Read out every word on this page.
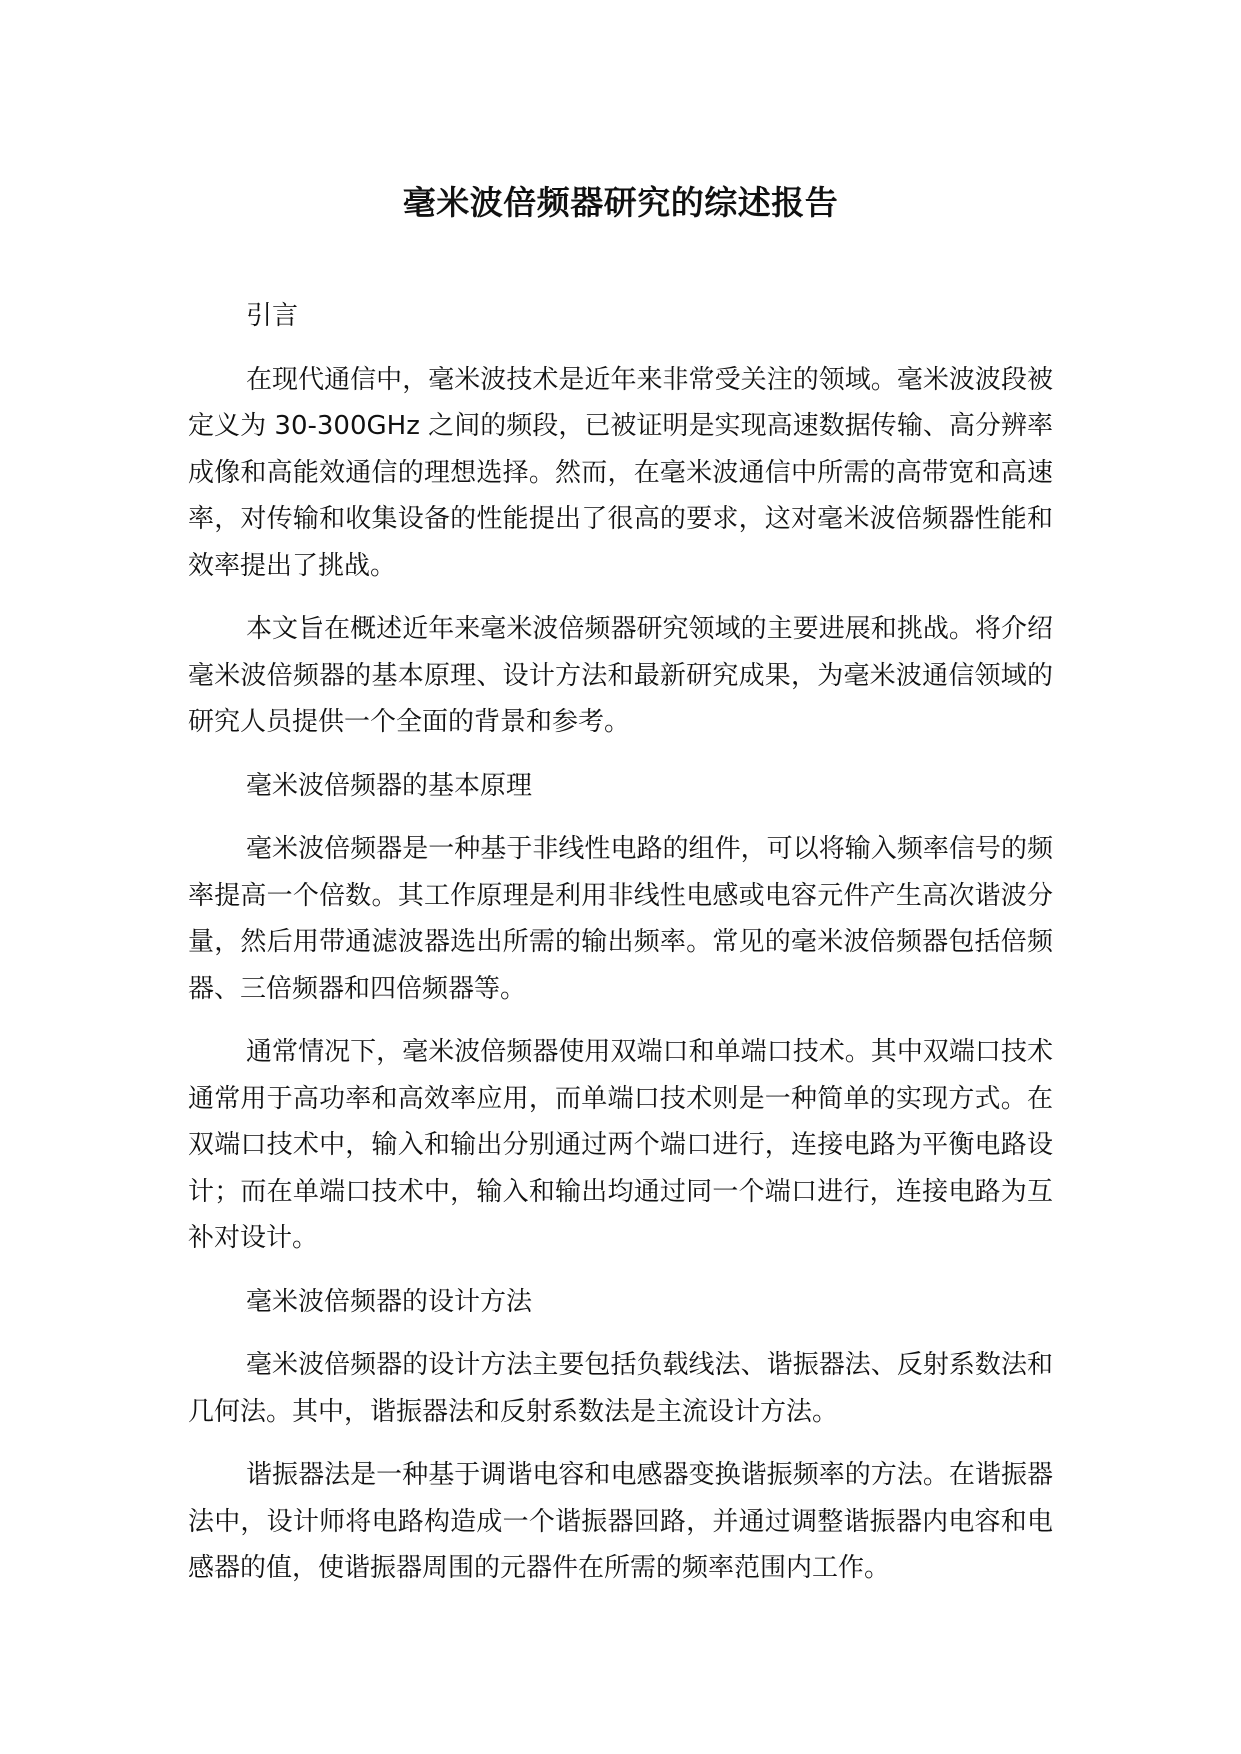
毫米波倍频器研究的综述报告

引言

在现代通信中，毫米波技术是近年来非常受关注的领域。毫米波波段被定义为 30-300GHz 之间的频段，已被证明是实现高速数据传输、高分辨率成像和高能效通信的理想选择。然而，在毫米波通信中所需的高带宽和高速率，对传输和收集设备的性能提出了很高的要求，这对毫米波倍频器性能和效率提出了挑战。

本文旨在概述近年来毫米波倍频器研究领域的主要进展和挑战。将介绍毫米波倍频器的基本原理、设计方法和最新研究成果，为毫米波通信领域的研究人员提供一个全面的背景和参考。

毫米波倍频器的基本原理

毫米波倍频器是一种基于非线性电路的组件，可以将输入频率信号的频率提高一个倍数。其工作原理是利用非线性电感或电容元件产生高次谐波分量，然后用带通滤波器选出所需的输出频率。常见的毫米波倍频器包括倍频器、三倍频器和四倍频器等。

通常情况下，毫米波倍频器使用双端口和单端口技术。其中双端口技术通常用于高功率和高效率应用，而单端口技术则是一种简单的实现方式。在双端口技术中，输入和输出分别通过两个端口进行，连接电路为平衡电路设计；而在单端口技术中，输入和输出均通过同一个端口进行，连接电路为互补对设计。

毫米波倍频器的设计方法

毫米波倍频器的设计方法主要包括负载线法、谐振器法、反射系数法和几何法。其中，谐振器法和反射系数法是主流设计方法。

谐振器法是一种基于调谐电容和电感器变换谐振频率的方法。在谐振器法中，设计师将电路构造成一个谐振器回路，并通过调整谐振器内电容和电感器的值，使谐振器周围的元器件在所需的频率范围内工作。
